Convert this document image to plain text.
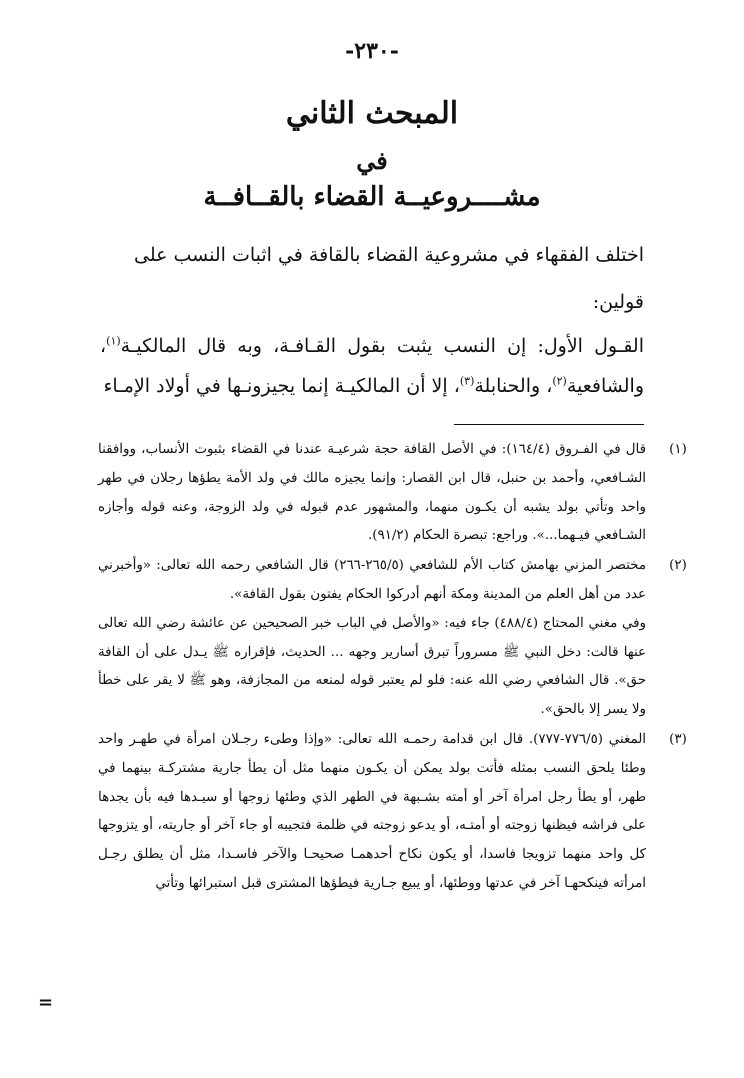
-٢٣٠-
المبحث الثاني
في
مشــــروعيــة القضاء بالقــافــة

اختلف الفقهاء في مشروعية القضاء بالقافة في اثبات النسب على

قولين:

القـول الأول: إن النسب يثبت بقول القـافـة، وبه قال المالكيـة$^{(١)}$، والشافعية$^{(٢)}$، والحنابلة$^{(٣)}$، إلا أن المالكيـة إنما يجيزونـها في أولاد الإمـاء

(١)

قال في الفـروق (١٦٤/٤): في الأصل القافة حجة شرعيـة عندنا في القضاء بثبوت الأنساب، ووافقنا الشـافعي، وأحمد بن حنبل، قال ابن القصار: وإنما يجيزه مالك في ولد الأمة يطؤها رجلان في طهر واحد وتأتي بولد يشبه أن يكـون منهما، والمشهور عدم قبوله في ولد الزوجة، وعنه قوله وأجازه الشـافعي فيـهما...». وراجع: تبصرة الحكام (٩١/٢).

(٢)

مختصر المزني بهامش كتاب الأم للشافعي (٢٦٥/٥-٢٦٦) قال الشافعي رحمه الله تعالى: «وأخبرني عدد من أهل العلم من المدينة ومكة أنهم أدركوا الحكام يفتون بقول القافة».

وفي مغني المحتاج (٤٨٨/٤) جاء فيه: «والأصل في الباب خبر الصحيحين عن عائشة رضي الله تعالى عنها قالت: دخل النبي ﷺ مسروراً تبرق أسارير وجهه ... الحديث، فإقراره ﷺ يـدل على أن القافة حق». قال الشافعي رضي الله عنه: فلو لم يعتبر قوله لمنعه من المجازفة، وهو ﷺ لا يقر على خطأ ولا يسر إلا بالحق».

(٣)

المغني (٧٧٦/٥-٧٧٧). قال ابن قدامة رحمـه الله تعالى: «وإذا وطىء رجـلان امرأة في طهـر واحد وطئا يلحق النسب بمثله فأتت بولد يمكن أن يكـون منهما مثل أن يطأ جارية مشتركـة بينهما في طهر، أو يطأ رجل امرأة آخر أو أمته بشـبهة في الطهر الذي وطئها زوجها أو سيـدها فيه بأن يجدها على فراشه فيظنها زوجته أو أمتـه، أو يدعو زوجته في ظلمة فتجيبه أو جاء آخر أو جاريته، أو يتزوجها كل واحد منهما تزويجا فاسدا، أو يكون نكاح أحدهمـا صحيحـا والآخر فاسـدا، مثل أن يطلق رجـل امرأته فينكحهـا آخر في عدتها ووطئها، أو يبيع جـارية فيطؤها المشترى قبل استبرائها وتأتي

=
